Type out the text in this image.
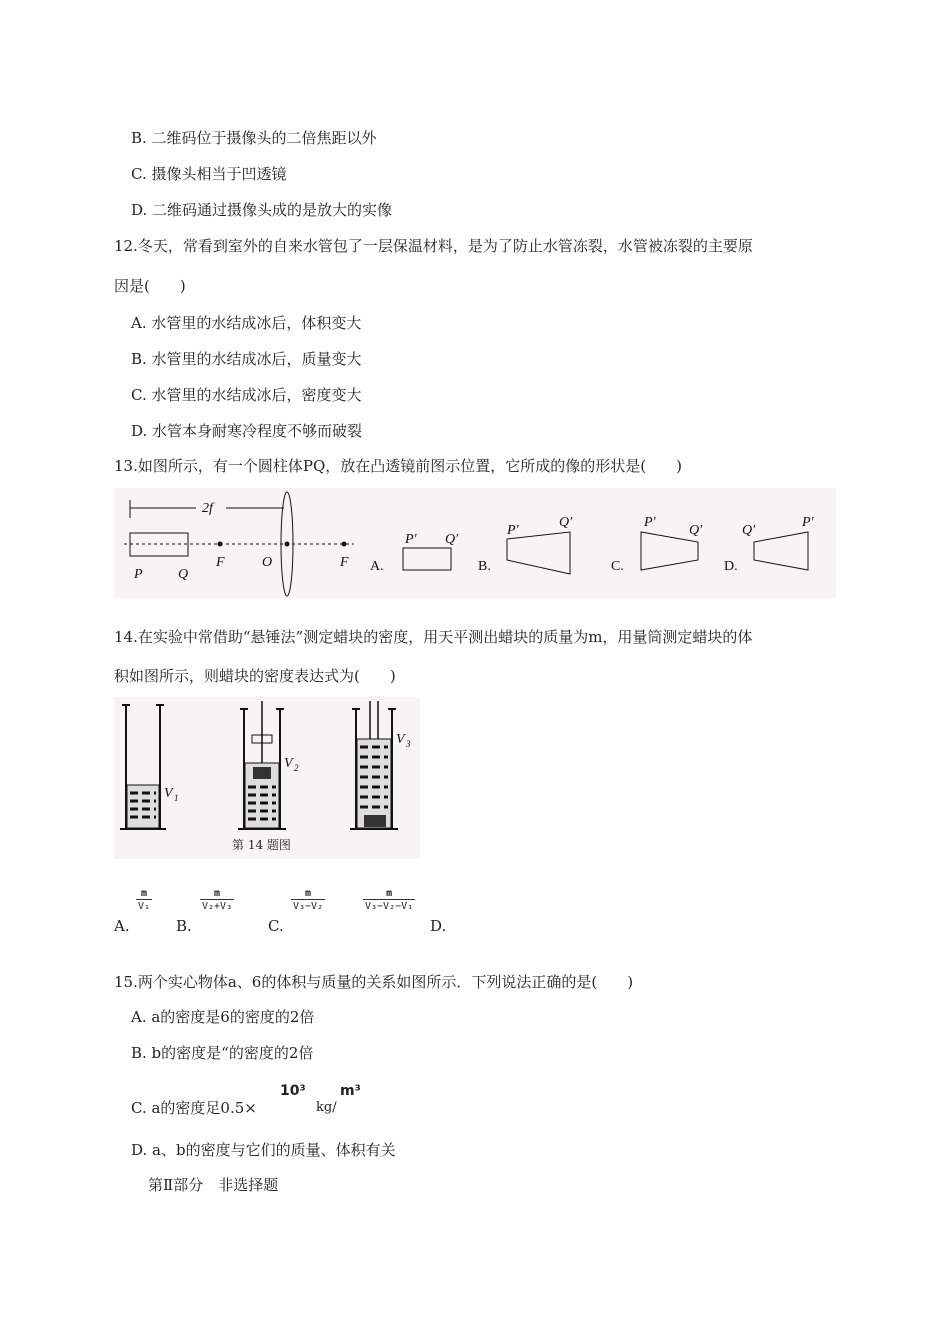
B. 二维码位于摄像头的二倍焦距以外
C. 摄像头相当于凹透镜
D. 二维码通过摄像头成的是放大的实像
12.冬天，常看到室外的自来水管包了一层保温材料，是为了防止水管冻裂，水管被冻裂的主要原
因是(　　)
A. 水管里的水结成冰后，体积变大
B. 水管里的水结成冰后，质量变大
C. 水管里的水结成冰后，密度变大
D. 水管本身耐寒冷程度不够而破裂
13.如图所示，有一个圆柱体PQ，放在凸透镜前图示位置，它所成的像的形状是(　　)
2f
P	Q
F	O	F A.
P′ Q′
B.
P′
Q′
C.
P′
Q′
D.
Q′
P′
14.在实验中常借助“悬锤法”测定蜡块的密度，用天平测出蜡块的质量为m，用量筒测定蜡块的体
积如图所示，则蜡块的密度表达式为(　　)
V 1
V 2
V 3
第 14 题图
A.
$\frac{m}{\text{V₁}}$
B.
$\frac{m}{\text{V₂+V₃}}$
C.
$\frac{m}{\text{V₃−V₂}}$	$\frac{m}{\text{V₃−V₂−V₁}}$
D.
15.两个实心物体a、6的体积与质量的关系如图所示．下列说法正确的是(　　)
A. a的密度是6的密度的2倍
B. b的密度是“的密度的2倍
C. a的密度足0.5×
10³
kg/
m³
D. a、b的密度与它们的质量、体积有关
第Ⅱ部分　非选择题
